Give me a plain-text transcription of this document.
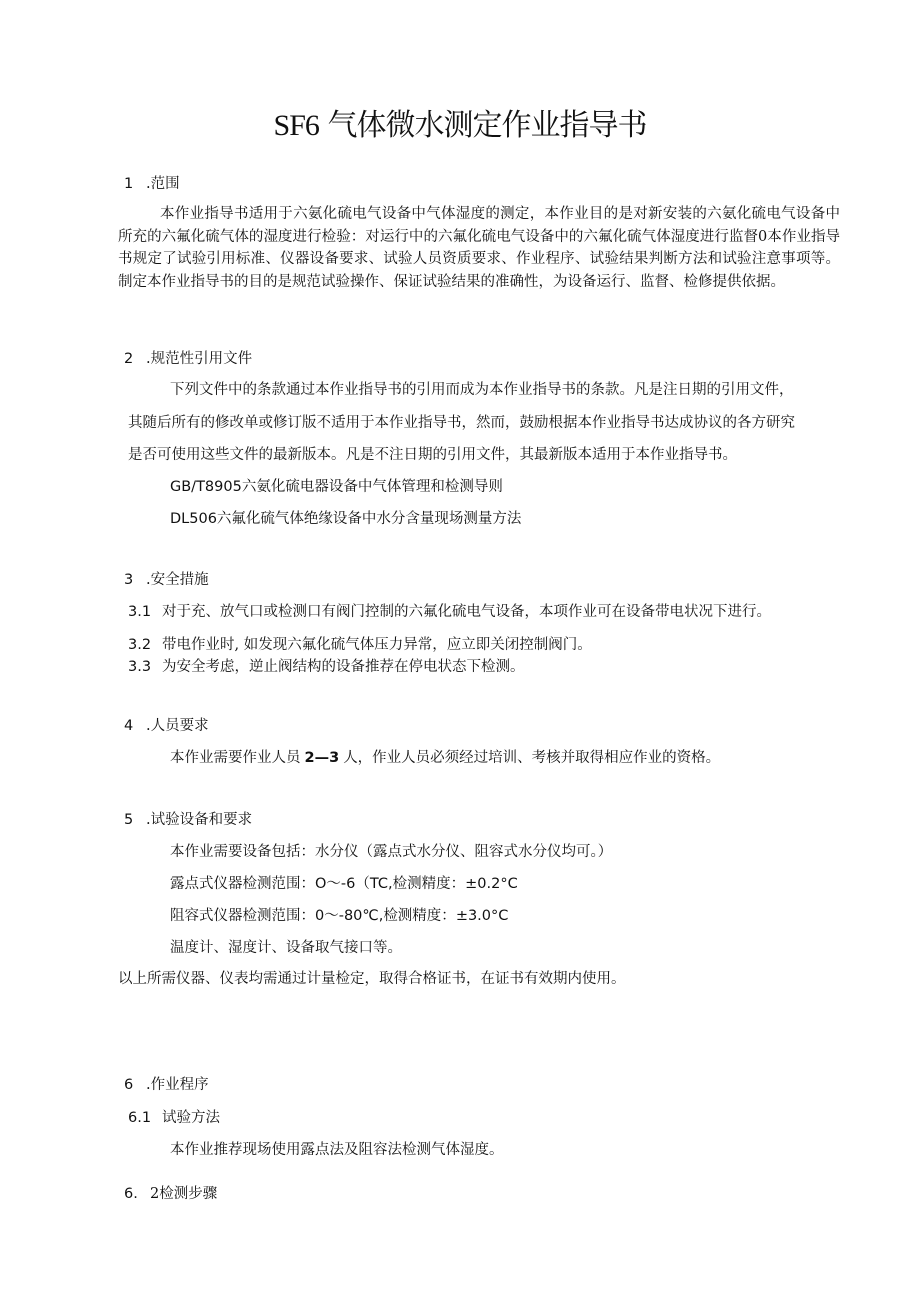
SF6 气体微水测定作业指导书
1 .范围
本作业指导书适用于六氨化硫电气设备中气体湿度的测定，本作业目的是对新安装的六氨化硫电气设备中所充的六氟化硫气体的湿度进行检验：对运行中的六氟化硫电气设备中的六氟化硫气体湿度进行监督0本作业指导书规定了试验引用标准、仪器设备要求、试验人员资质要求、作业程序、试验结果判断方法和试验注意事项等。制定本作业指导书的目的是规范试验操作、保证试验结果的准确性，为设备运行、监督、检修提供依据。
2 .规范性引用文件
下列文件中的条款通过本作业指导书的引用而成为本作业指导书的条款。凡是注日期的引用文件，
其随后所有的修改单或修订版不适用于本作业指导书，然而，鼓励根据本作业指导书达成协议的各方研究
是否可使用这些文件的最新版本。凡是不注日期的引用文件，其最新版本适用于本作业指导书。
GB/T8905六氨化硫电器设备中气体管理和检测导则
DL506六氟化硫气体绝缘设备中水分含量现场测量方法
3 .安全措施
3.1 对于充、放气口或检测口有阀门控制的六氟化硫电气设备，本项作业可在设备带电状况下进行。
3.2 带电作业时, 如发现六氟化硫气体压力异常，应立即关闭控制阀门。
3.3 为安全考虑，逆止阀结构的设备推荐在停电状态下检测。
4 .人员要求
本作业需要作业人员 2—3 人，作业人员必须经过培训、考核并取得相应作业的资格。
5 .试验设备和要求
本作业需要设备包括：水分仪（露点式水分仪、阻容式水分仪均可。）
露点式仪器检测范围：O〜-6（TC,检测精度：±0.2°C
阻容式仪器检测范围：0〜-80℃,检测精度：±3.0°C
温度计、湿度计、设备取气接口等。
以上所需仪器、仪表均需通过计量检定，取得合格证书，在证书有效期内使用。
6 .作业程序
6.1 试验方法
本作业推荐现场使用露点法及阻容法检测气体湿度。
6. 2检测步骤
